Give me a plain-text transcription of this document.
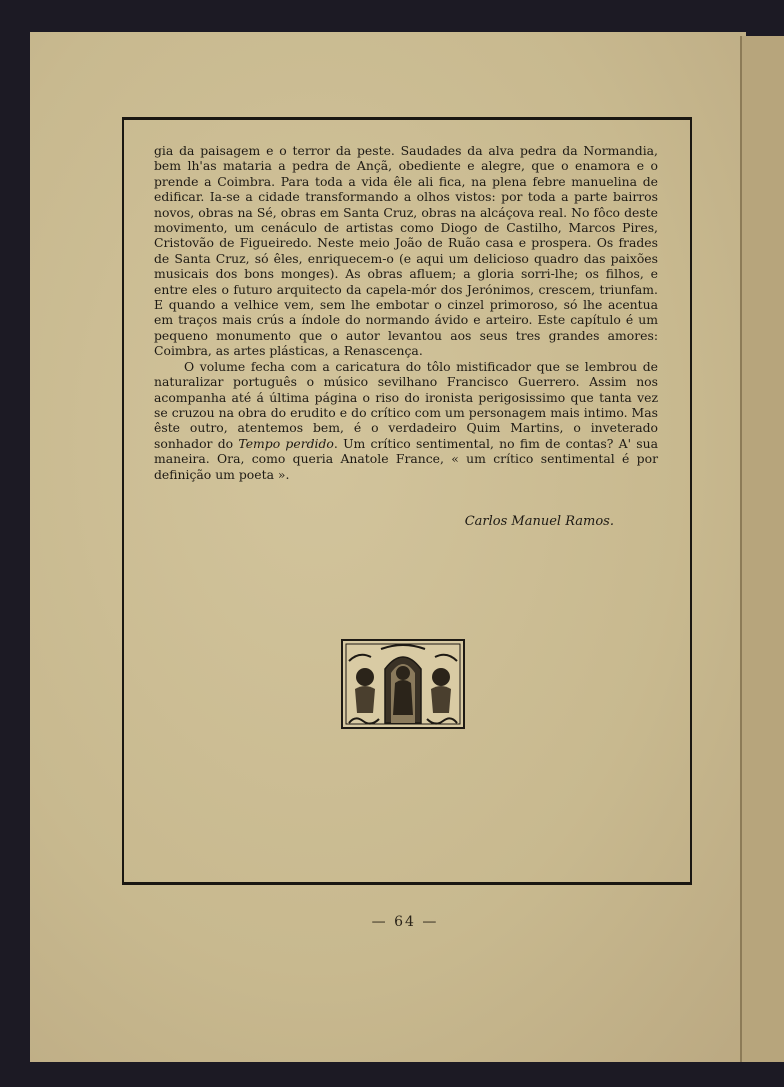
gia da paisagem e o terror da peste. Saudades da alva pedra da Normandia, bem lh'as mataria a pedra de Ançã, obediente e alegre, que o enamora e o prende a Coimbra. Para toda a vida êle ali fica, na plena febre manuelina de edificar. Ia-se a cidade transformando a olhos vistos: por toda a parte bairros novos, obras na Sé, obras em Santa Cruz, obras na alcáçova real. No fôco deste movimento, um cenáculo de artistas como Diogo de Castilho, Marcos Pires, Cristovão de Figueiredo. Neste meio João de Ruão casa e prospera. Os frades de Santa Cruz, só êles, enriquecem-o (e aqui um delicioso quadro das paixões musicais dos bons monges). As obras afluem; a gloria sorri-lhe; os filhos, e entre eles o futuro arquitecto da capela-mór dos Jerónimos, crescem, triunfam. E quando a velhice vem, sem lhe embotar o cinzel primoroso, só lhe acentua em traços mais crús a índole do normando ávido e arteiro. Este capítulo é um pequeno monumento que o autor levantou aos seus tres grandes amores: Coimbra, as artes plásticas, a Renascença.

O volume fecha com a caricatura do tôlo mistificador que se lembrou de naturalizar português o músico sevilhano Francisco Guerrero. Assim nos acompanha até á última página o riso do ironista perigosissimo que tanta vez se cruzou na obra do erudito e do crítico com um personagem mais intimo. Mas êste outro, atentemos bem, é o verdadeiro Quim Martins, o inveterado sonhador do Tempo perdido. Um crítico sentimental, no fim de contas? A' sua maneira. Ora, como queria Anatole France, « um crítico sentimental é por definição um poeta ».

Carlos Manuel Ramos.
— 64 —
